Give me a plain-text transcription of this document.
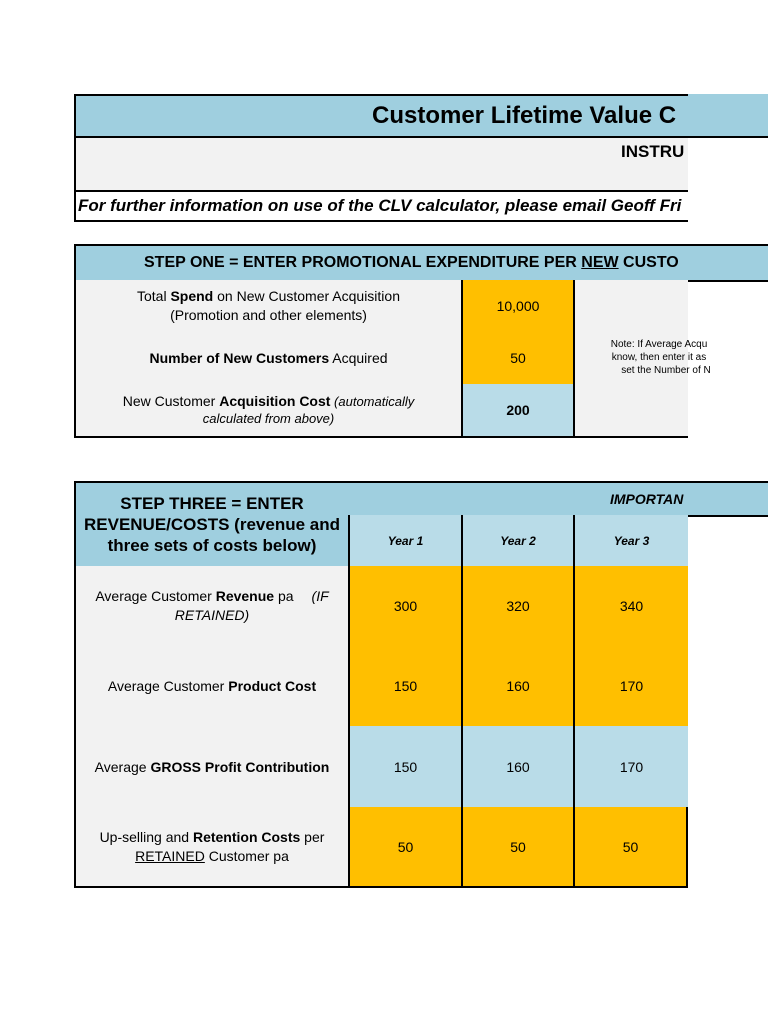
Customer Lifetime Value C
INSTRU
For further information on use of the CLV calculator, please email Geoff Fri
STEP ONE = ENTER PROMOTIONAL EXPENDITURE PER NEW CUSTO
Total Spend on New Customer Acquisition
(Promotion and other elements)
10,000
Number of New Customers Acquired	50
New Customer Acquisition Cost (automatically
calculated from above)
200
Note: If Average Acqu
know, then enter it as
set the Number of N
STEP THREE = ENTER REVENUE/COSTS (revenue and three sets of costs below)
IMPORTAN
Year 1	Year 2	Year 3
Average Customer Revenue pa (IF
RETAINED)
300	320	340
Average Customer Product Cost	150	160	170
Average GROSS Profit Contribution	150	160	170
Up-selling and Retention Costs per
RETAINED Customer pa
50	50	50
